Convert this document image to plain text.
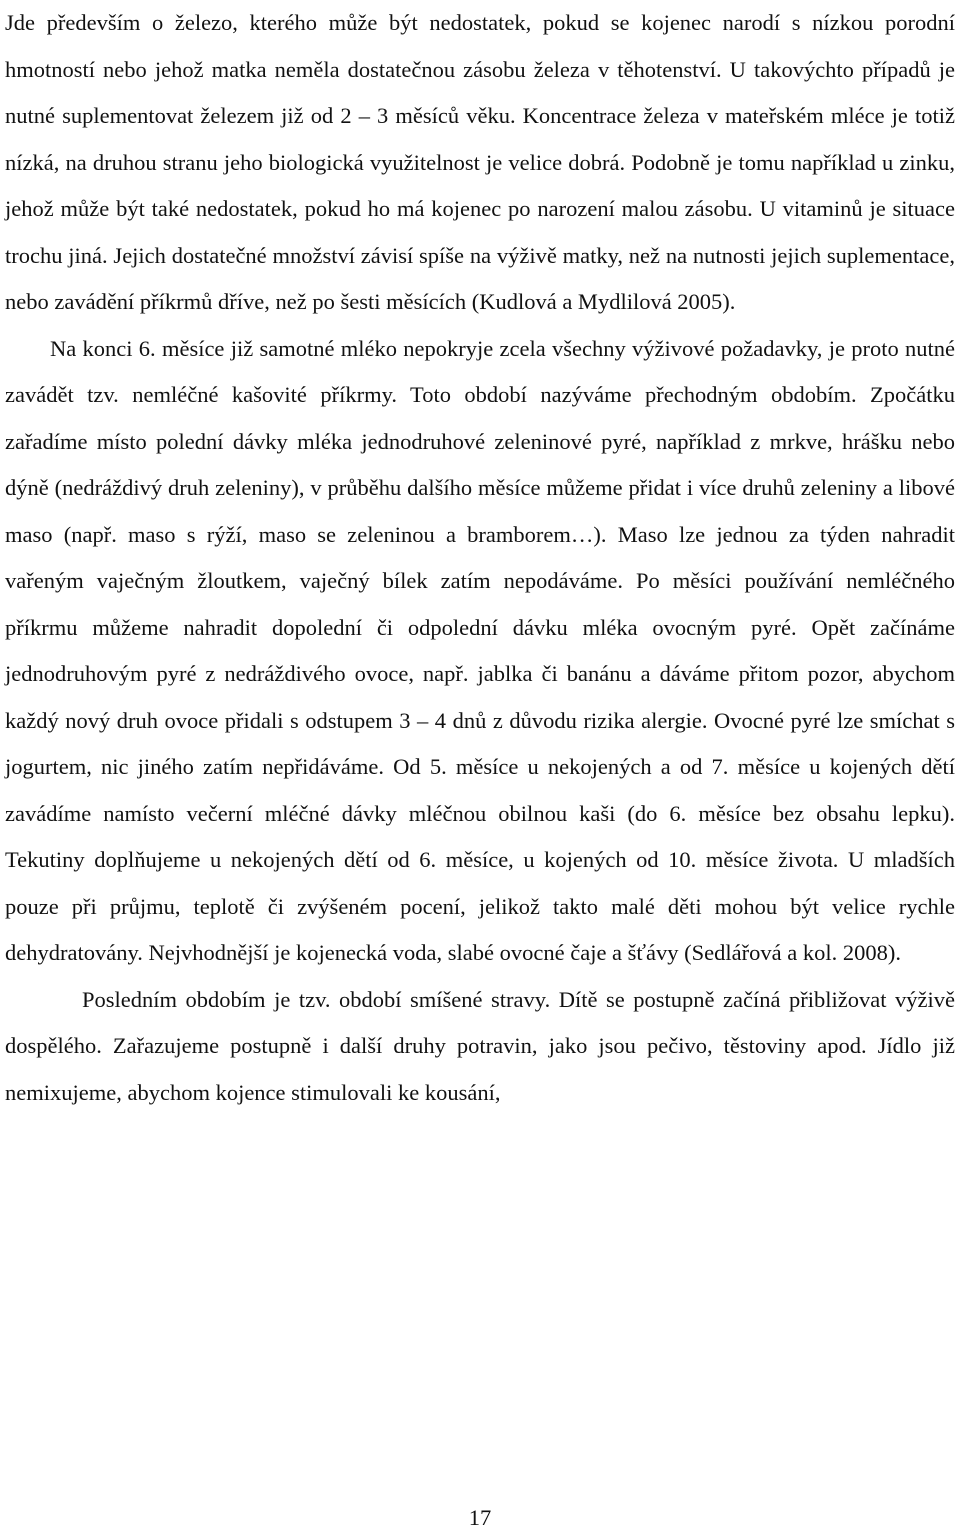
Jde především o železo, kterého může být nedostatek, pokud se kojenec narodí s nízkou porodní hmotností nebo jehož matka neměla dostatečnou zásobu železa v těhotenství. U takovýchto případů je nutné suplementovat železem již od 2 – 3 měsíců věku. Koncentrace železa v mateřském mléce je totiž nízká, na druhou stranu jeho biologická využitelnost je velice dobrá. Podobně je tomu například u zinku, jehož může být také nedostatek, pokud ho má kojenec po narození malou zásobu. U vitaminů je situace trochu jiná. Jejich dostatečné množství závisí spíše na výživě matky, než na nutnosti jejich suplementace, nebo zavádění příkrmů dříve, než po šesti měsících (Kudlová a Mydlilová 2005).

Na konci 6. měsíce již samotné mléko nepokryje zcela všechny výživové požadavky, je proto nutné zavádět tzv. nemléčné kašovité příkrmy. Toto období nazýváme přechodným obdobím. Zpočátku zařadíme místo polední dávky mléka jednodruhové zeleninové pyré, například z mrkve, hrášku nebo dýně (nedráždivý druh zeleniny), v průběhu dalšího měsíce můžeme přidat i více druhů zeleniny a libové maso (např. maso s rýží, maso se zeleninou a bramborem…). Maso lze jednou za týden nahradit vařeným vaječným žloutkem, vaječný bílek zatím nepodáváme. Po měsíci používání nemléčného příkrmu můžeme nahradit dopolední či odpolední dávku mléka ovocným pyré. Opět začínáme jednodruhovým pyré z nedráždivého ovoce, např. jablka či banánu a dáváme přitom pozor, abychom každý nový druh ovoce přidali s odstupem 3 – 4 dnů z důvodu rizika alergie. Ovocné pyré lze smíchat s jogurtem, nic jiného zatím nepřidáváme. Od 5. měsíce u nekojených a od 7. měsíce u kojených dětí zavádíme namísto večerní mléčné dávky mléčnou obilnou kaši (do 6. měsíce bez obsahu lepku). Tekutiny doplňujeme u nekojených dětí od 6. měsíce, u kojených od 10. měsíce života. U mladších pouze při průjmu, teplotě či zvýšeném pocení, jelikož takto malé děti mohou být velice rychle dehydratovány. Nejvhodnější je kojenecká voda, slabé ovocné čaje a šťávy (Sedlářová a kol. 2008).

Posledním obdobím je tzv. období smíšené stravy. Dítě se postupně začíná přibližovat výživě dospělého. Zařazujeme postupně i další druhy potravin, jako jsou pečivo, těstoviny apod. Jídlo již nemixujeme, abychom kojence stimulovali ke kousání,

17
